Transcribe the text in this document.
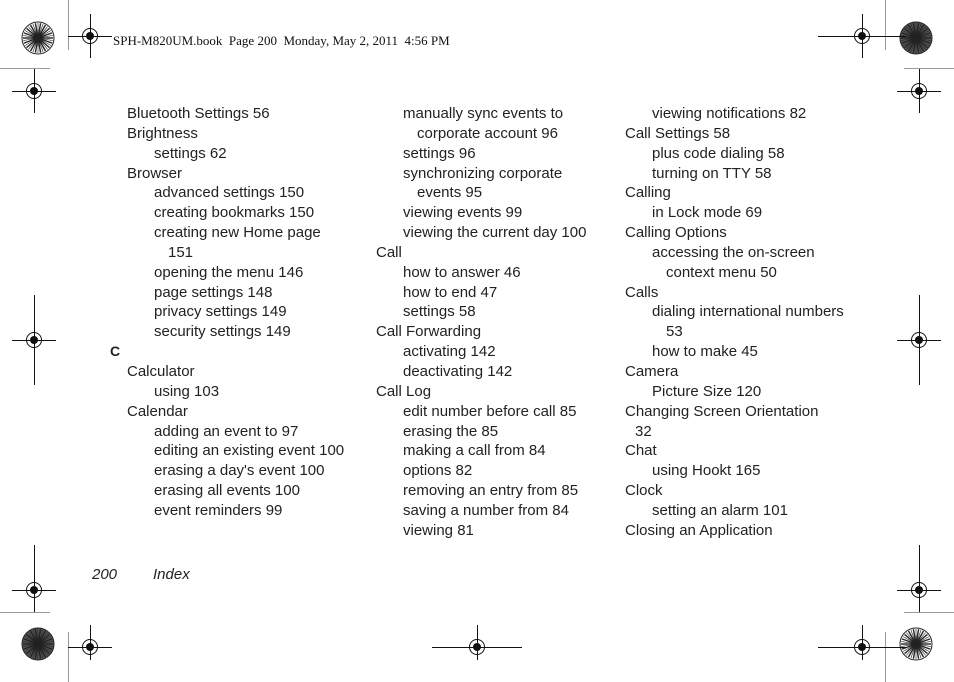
SPH-M820UM.book  Page 200  Monday, May 2, 2011  4:56 PM
Bluetooth Settings 56
Brightness
settings 62
Browser
advanced settings 150
creating bookmarks 150
creating new Home page
151
opening the menu 146
page settings 148
privacy settings 149
security settings 149
C
Calculator
using 103
Calendar
adding an event to 97
editing an existing event 100
erasing a day's event 100
erasing all events 100
event reminders 99
manually sync events to
corporate account 96
settings 96
synchronizing corporate
events 95
viewing events 99
viewing the current day 100
Call
how to answer 46
how to end 47
settings 58
Call Forwarding
activating 142
deactivating 142
Call Log
edit number before call 85
erasing the 85
making a call from 84
options 82
removing an entry from 85
saving a number from 84
viewing 81
viewing notifications 82
Call Settings 58
plus code dialing 58
turning on TTY 58
Calling
in Lock mode 69
Calling Options
accessing the on-screen
context menu 50
Calls
dialing international numbers
53
how to make 45
Camera
Picture Size 120
Changing Screen Orientation
32
Chat
using Hookt 165
Clock
setting an alarm 101
Closing an Application
200 Index
